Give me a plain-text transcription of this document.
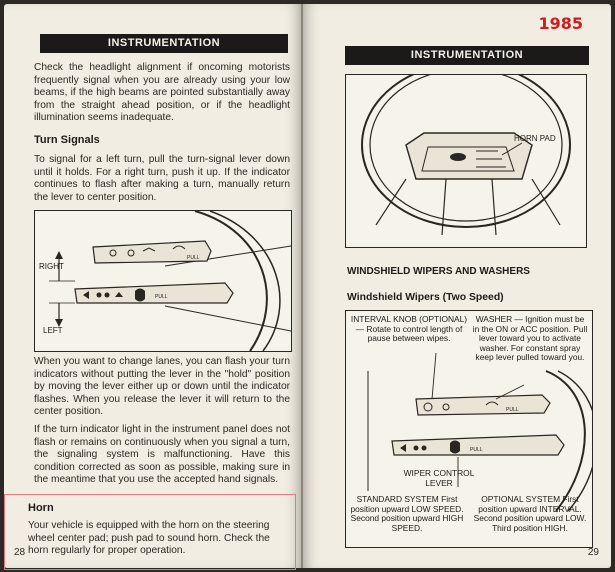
INSTRUMENTATION

Check the headlight alignment if oncoming motorists frequently signal when you are already using your low beams, if the high beams are pointed substantially away from the straight ahead position, or if the headlight illumination seems inadequate.

Turn Signals

To signal for a left turn, pull the turn-signal lever down until it holds. For a right turn, push it up. If the indicator continues to flash after making a turn, manually return the lever to center position.

RIGHT
LEFT
PULL
PULL

When you want to change lanes, you can flash your turn indicators without putting the lever in the "hold" position by moving the lever either up or down until the indicator flashes. When you release the lever it will return to the center position.

If the turn indicator light in the instrument panel does not flash or remains on continuously when you signal a turn, the signaling system is malfunctioning. Have this condition corrected as soon as possible, making sure in the meantime that you use the accepted hand signals.

Horn

Your vehicle is equipped with the horn on the steering wheel center pad; push pad to sound horn. Check the horn regularly for proper operation.

28
1985
INSTRUMENTATION
HORN PAD

WINDSHIELD WIPERS AND WASHERS

Windshield Wipers (Two Speed)

PULL
PULL

INTERVAL KNOB (OPTIONAL) — Rotate to control length of pause between wipes.

WASHER — Ignition must be in the ON or ACC position. Pull lever toward you to activate washer. For constant spray keep lever pulled toward you.

WIPER CONTROL LEVER

STANDARD SYSTEM First position upward LOW SPEED. Second position upward HIGH SPEED.

OPTIONAL SYSTEM First position upward INTERVAL. Second position upward LOW. Third position HIGH.

29
